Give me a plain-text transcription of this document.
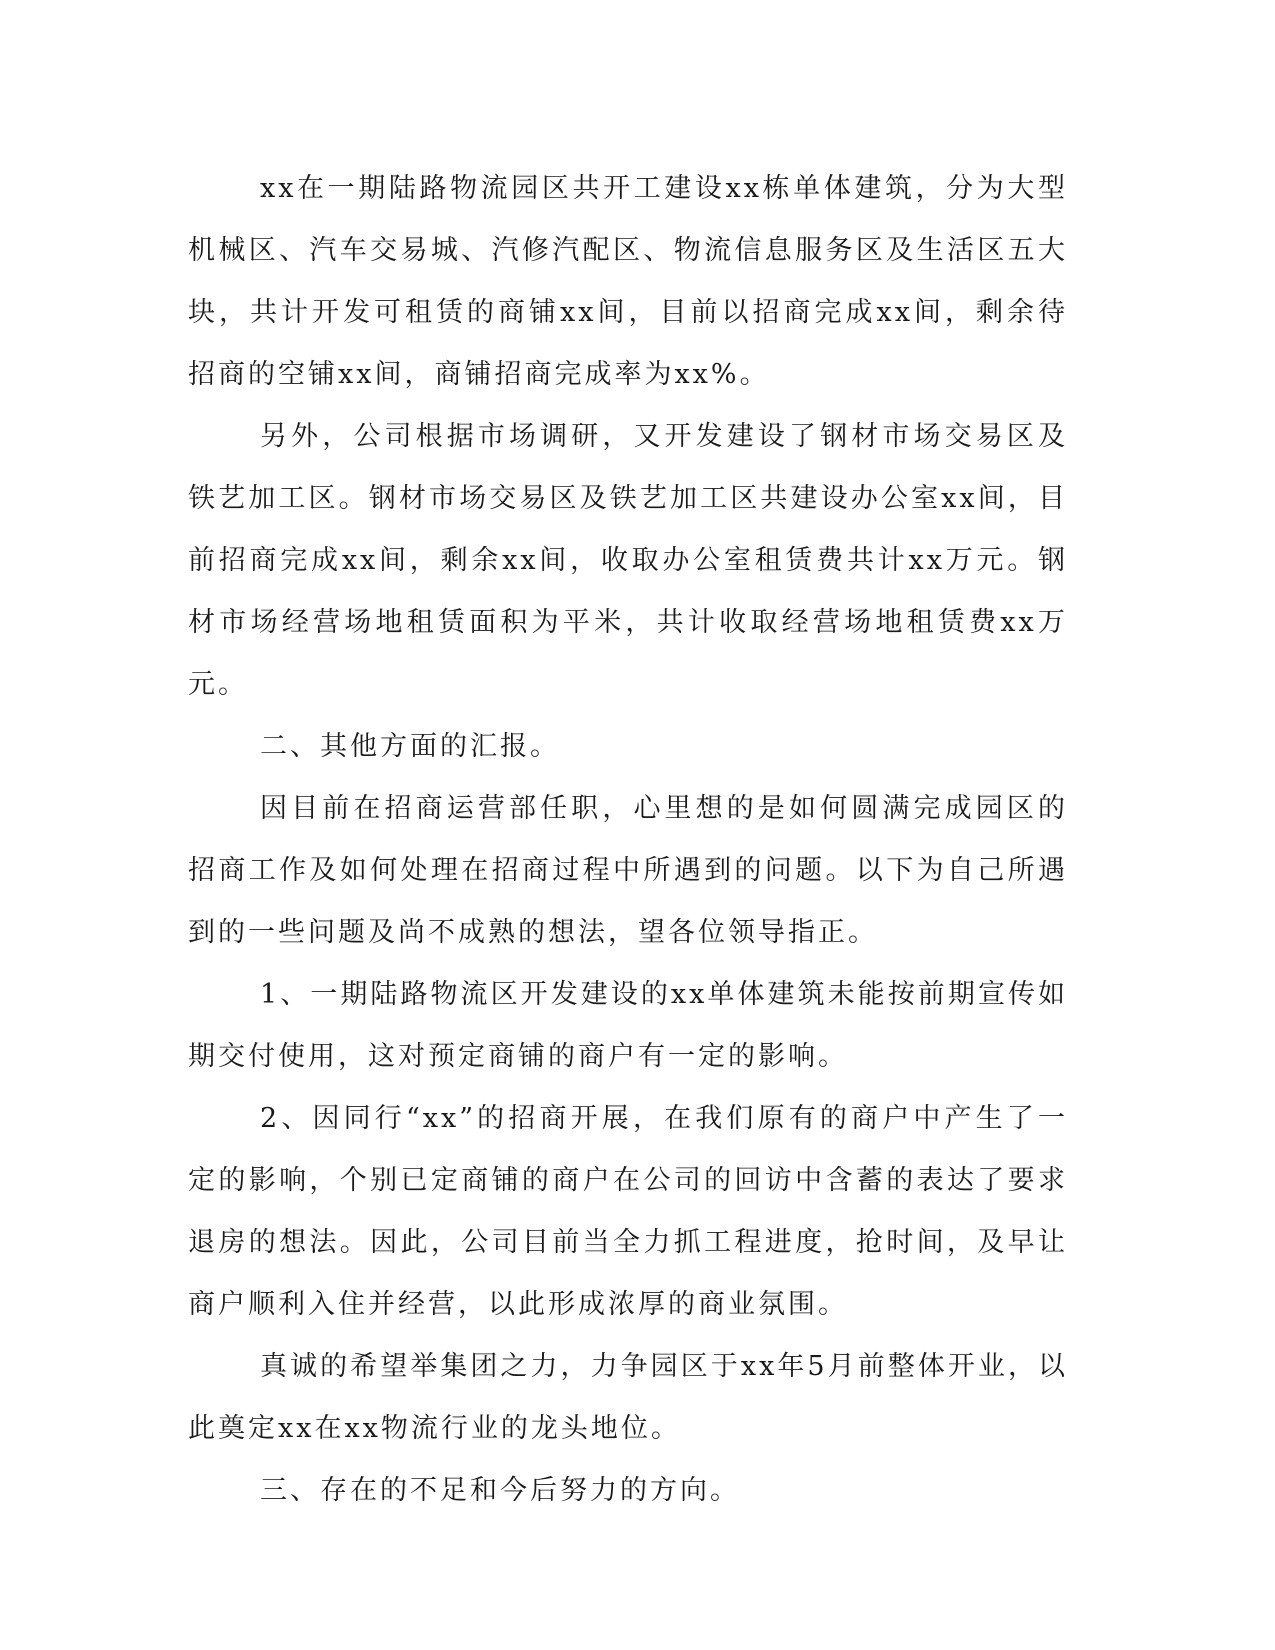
xx在一期陆路物流园区共开工建设xx栋单体建筑，分为大型机械区、汽车交易城、汽修汽配区、物流信息服务区及生活区五大块，共计开发可租赁的商铺xx间，目前以招商完成xx间，剩余待招商的空铺xx间，商铺招商完成率为xx%。

另外，公司根据市场调研，又开发建设了钢材市场交易区及铁艺加工区。钢材市场交易区及铁艺加工区共建设办公室xx间，目前招商完成xx间，剩余xx间，收取办公室租赁费共计xx万元。钢材市场经营场地租赁面积为平米，共计收取经营场地租赁费xx万元。

二、其他方面的汇报。

因目前在招商运营部任职，心里想的是如何圆满完成园区的招商工作及如何处理在招商过程中所遇到的问题。以下为自己所遇到的一些问题及尚不成熟的想法，望各位领导指正。

1、一期陆路物流区开发建设的xx单体建筑未能按前期宣传如期交付使用，这对预定商铺的商户有一定的影响。

2、因同行“xx”的招商开展，在我们原有的商户中产生了一定的影响，个别已定商铺的商户在公司的回访中含蓄的表达了要求退房的想法。因此，公司目前当全力抓工程进度，抢时间，及早让商户顺利入住并经营，以此形成浓厚的商业氛围。

真诚的希望举集团之力，力争园区于xx年5月前整体开业，以此奠定xx在xx物流行业的龙头地位。

三、存在的不足和今后努力的方向。
